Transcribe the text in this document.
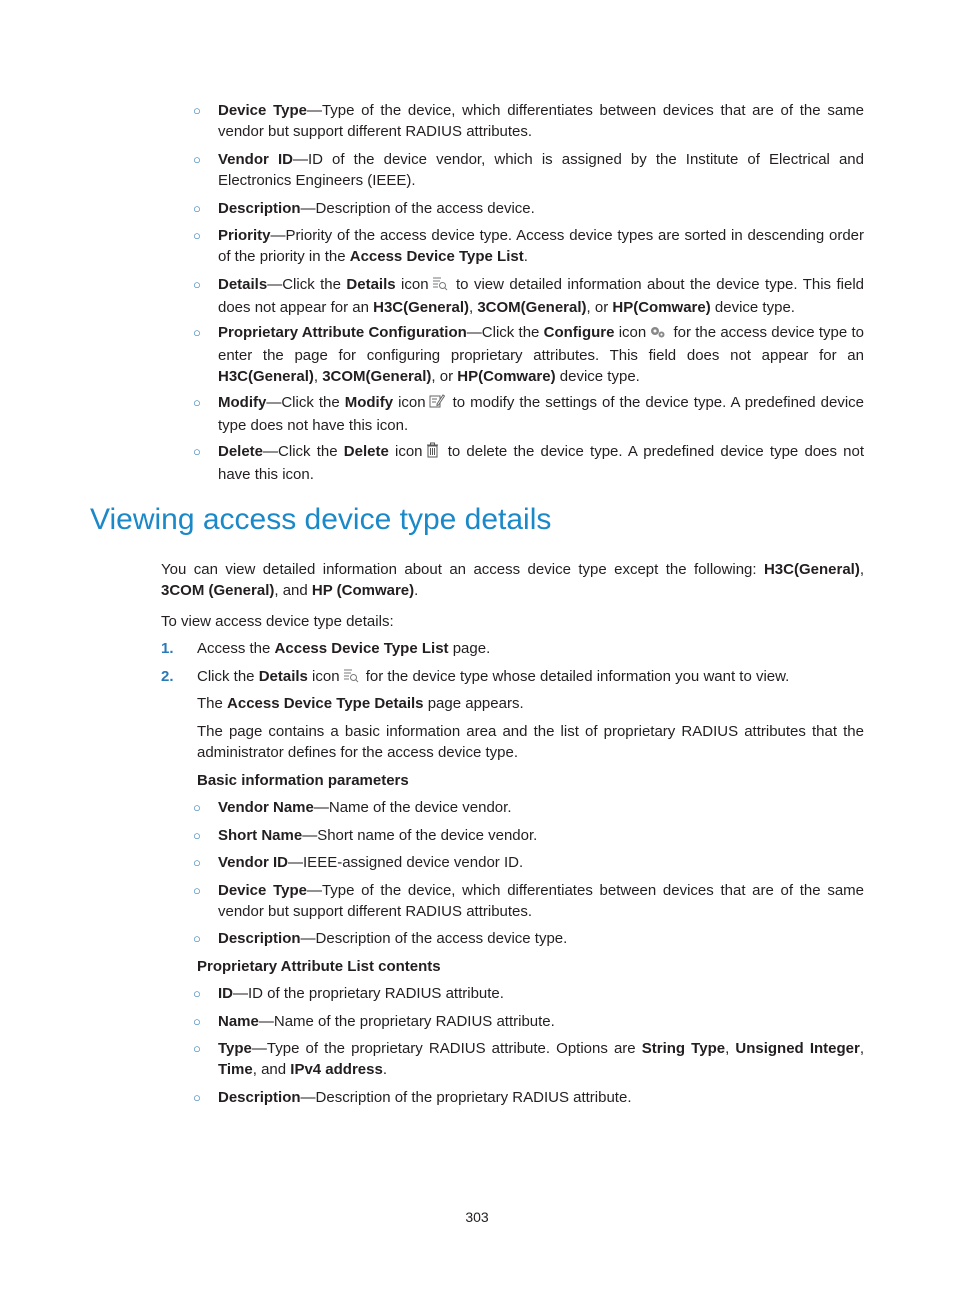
○ Device Type—Type of the device, which differentiates between devices that are of the same vendor but support different RADIUS attributes.
○ Vendor ID—ID of the device vendor, which is assigned by the Institute of Electrical and Electronics Engineers (IEEE).
○ Description—Description of the access device.
○ Priority—Priority of the access device type. Access device types are sorted in descending order of the priority in the Access Device Type List.
○ Details—Click the Details icon to view detailed information about the device type. This field does not appear for an H3C(General), 3COM(General), or HP(Comware) device type.
○ Proprietary Attribute Configuration—Click the Configure icon for the access device type to enter the page for configuring proprietary attributes. This field does not appear for an H3C(General), 3COM(General), or HP(Comware) device type.
○ Modify—Click the Modify icon to modify the settings of the device type. A predefined device type does not have this icon.
○ Delete—Click the Delete icon to delete the device type. A predefined device type does not have this icon.
Viewing access device type details
You can view detailed information about an access device type except the following: H3C(General), 3COM (General), and HP (Comware).
To view access device type details:
1. Access the Access Device Type List page.
2. Click the Details icon for the device type whose detailed information you want to view.
The Access Device Type Details page appears.
The page contains a basic information area and the list of proprietary RADIUS attributes that the administrator defines for the access device type.
Basic information parameters
○ Vendor Name—Name of the device vendor.
○ Short Name—Short name of the device vendor.
○ Vendor ID—IEEE-assigned device vendor ID.
○ Device Type—Type of the device, which differentiates between devices that are of the same vendor but support different RADIUS attributes.
○ Description—Description of the access device type.
Proprietary Attribute List contents
○ ID—ID of the proprietary RADIUS attribute.
○ Name—Name of the proprietary RADIUS attribute.
○ Type—Type of the proprietary RADIUS attribute. Options are String Type, Unsigned Integer, Time, and IPv4 address.
○ Description—Description of the proprietary RADIUS attribute.
303
